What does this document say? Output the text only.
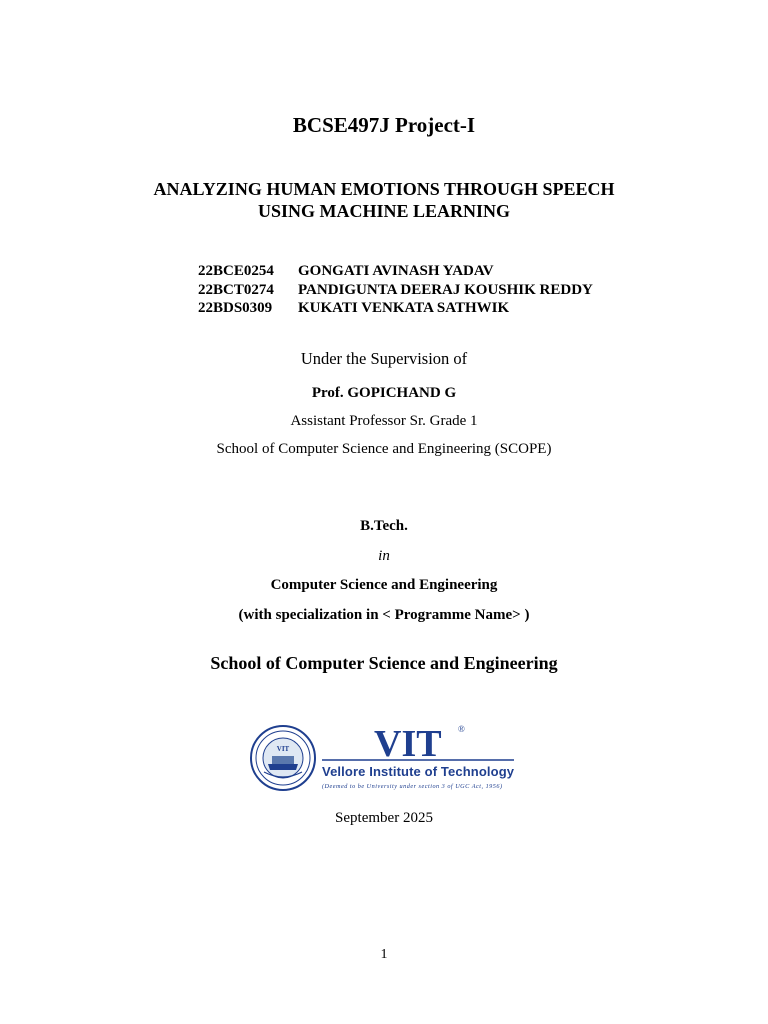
BCSE497J Project-I
ANALYZING HUMAN EMOTIONS THROUGH SPEECH
USING MACHINE LEARNING
22BCE0254 GONGATI AVINASH YADAV
22BCT0274 PANDIGUNTA DEERAJ KOUSHIK REDDY
22BDS0309 KUKATI VENKATA SATHWIK
Under the Supervision of
Prof. GOPICHAND G
Assistant Professor Sr. Grade 1
School of Computer Science and Engineering (SCOPE)
B.Tech.
in
Computer Science and Engineering
(with specialization in < Programme Name> )
School of Computer Science and Engineering
VIT VIT ®
Vellore Institute of Technology
(Deemed to be University under section 3 of UGC Act, 1956)
September 2025
1
